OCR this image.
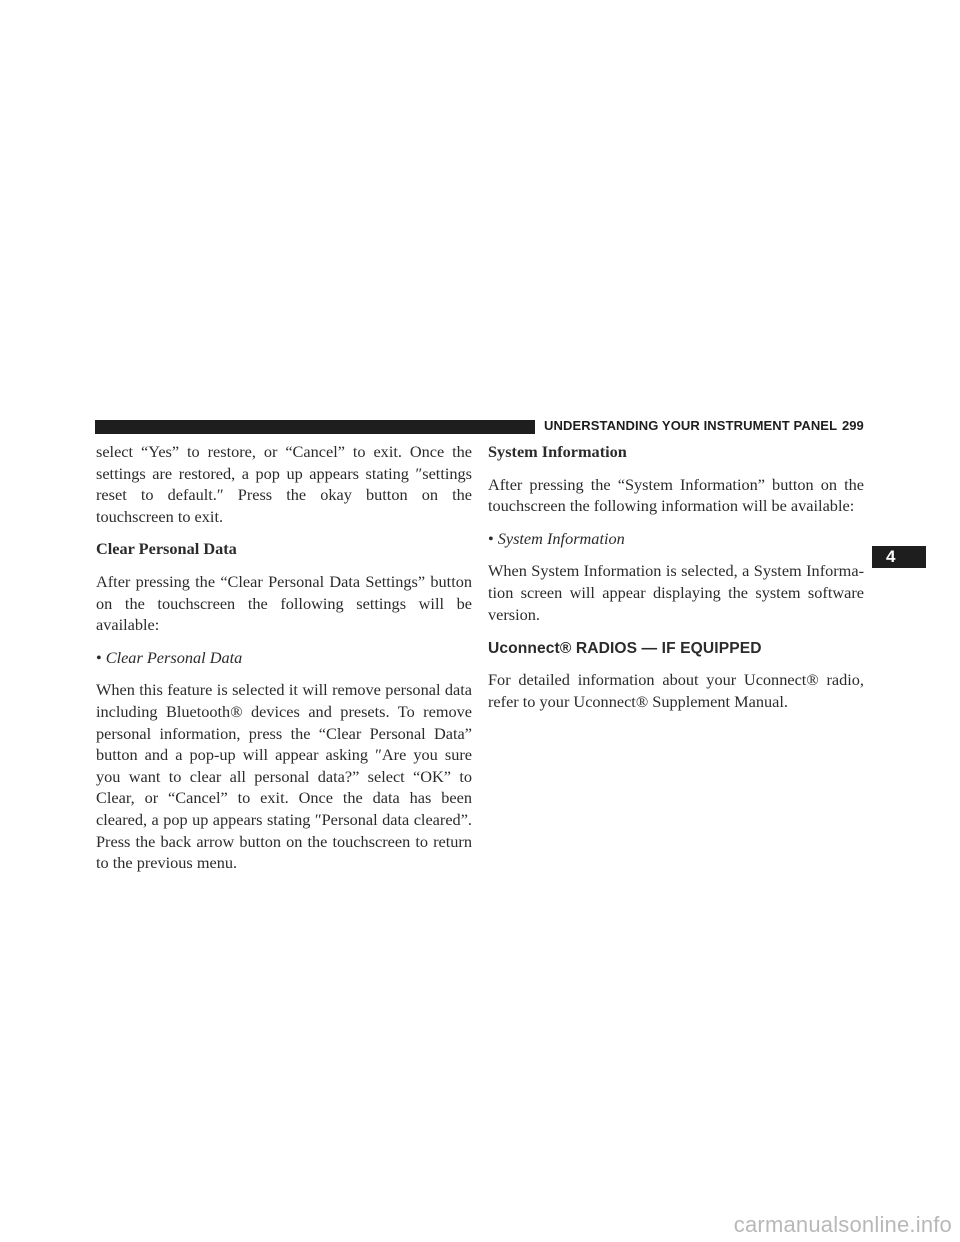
UNDERSTANDING YOUR INSTRUMENT PANEL 299

select “Yes” to restore, or “Cancel” to exit. Once the settings are restored, a pop up appears stating ″settings reset to default.″ Press the okay button on the touchscreen to exit.

Clear Personal Data

After pressing the “Clear Personal Data Settings” button on the touchscreen the following settings will be available:

• Clear Personal Data

When this feature is selected it will remove personal data including Bluetooth® devices and presets. To remove personal information, press the “Clear Personal Data” button and a pop-up will appear asking ″Are you sure you want to clear all personal data?” select “OK” to Clear, or “Cancel” to exit. Once the data has been cleared, a pop up appears stating ″Personal data cleared”. Press the back arrow button on the touchscreen to return to the previous menu.

System Information

After pressing the “System Information” button on the touchscreen the following information will be available:

• System Information

When System Information is selected, a System Informa-tion screen will appear displaying the system software version.

Uconnect® RADIOS — IF EQUIPPED

For detailed information about your Uconnect® radio, refer to your Uconnect® Supplement Manual.

4
carmanualsonline.info
